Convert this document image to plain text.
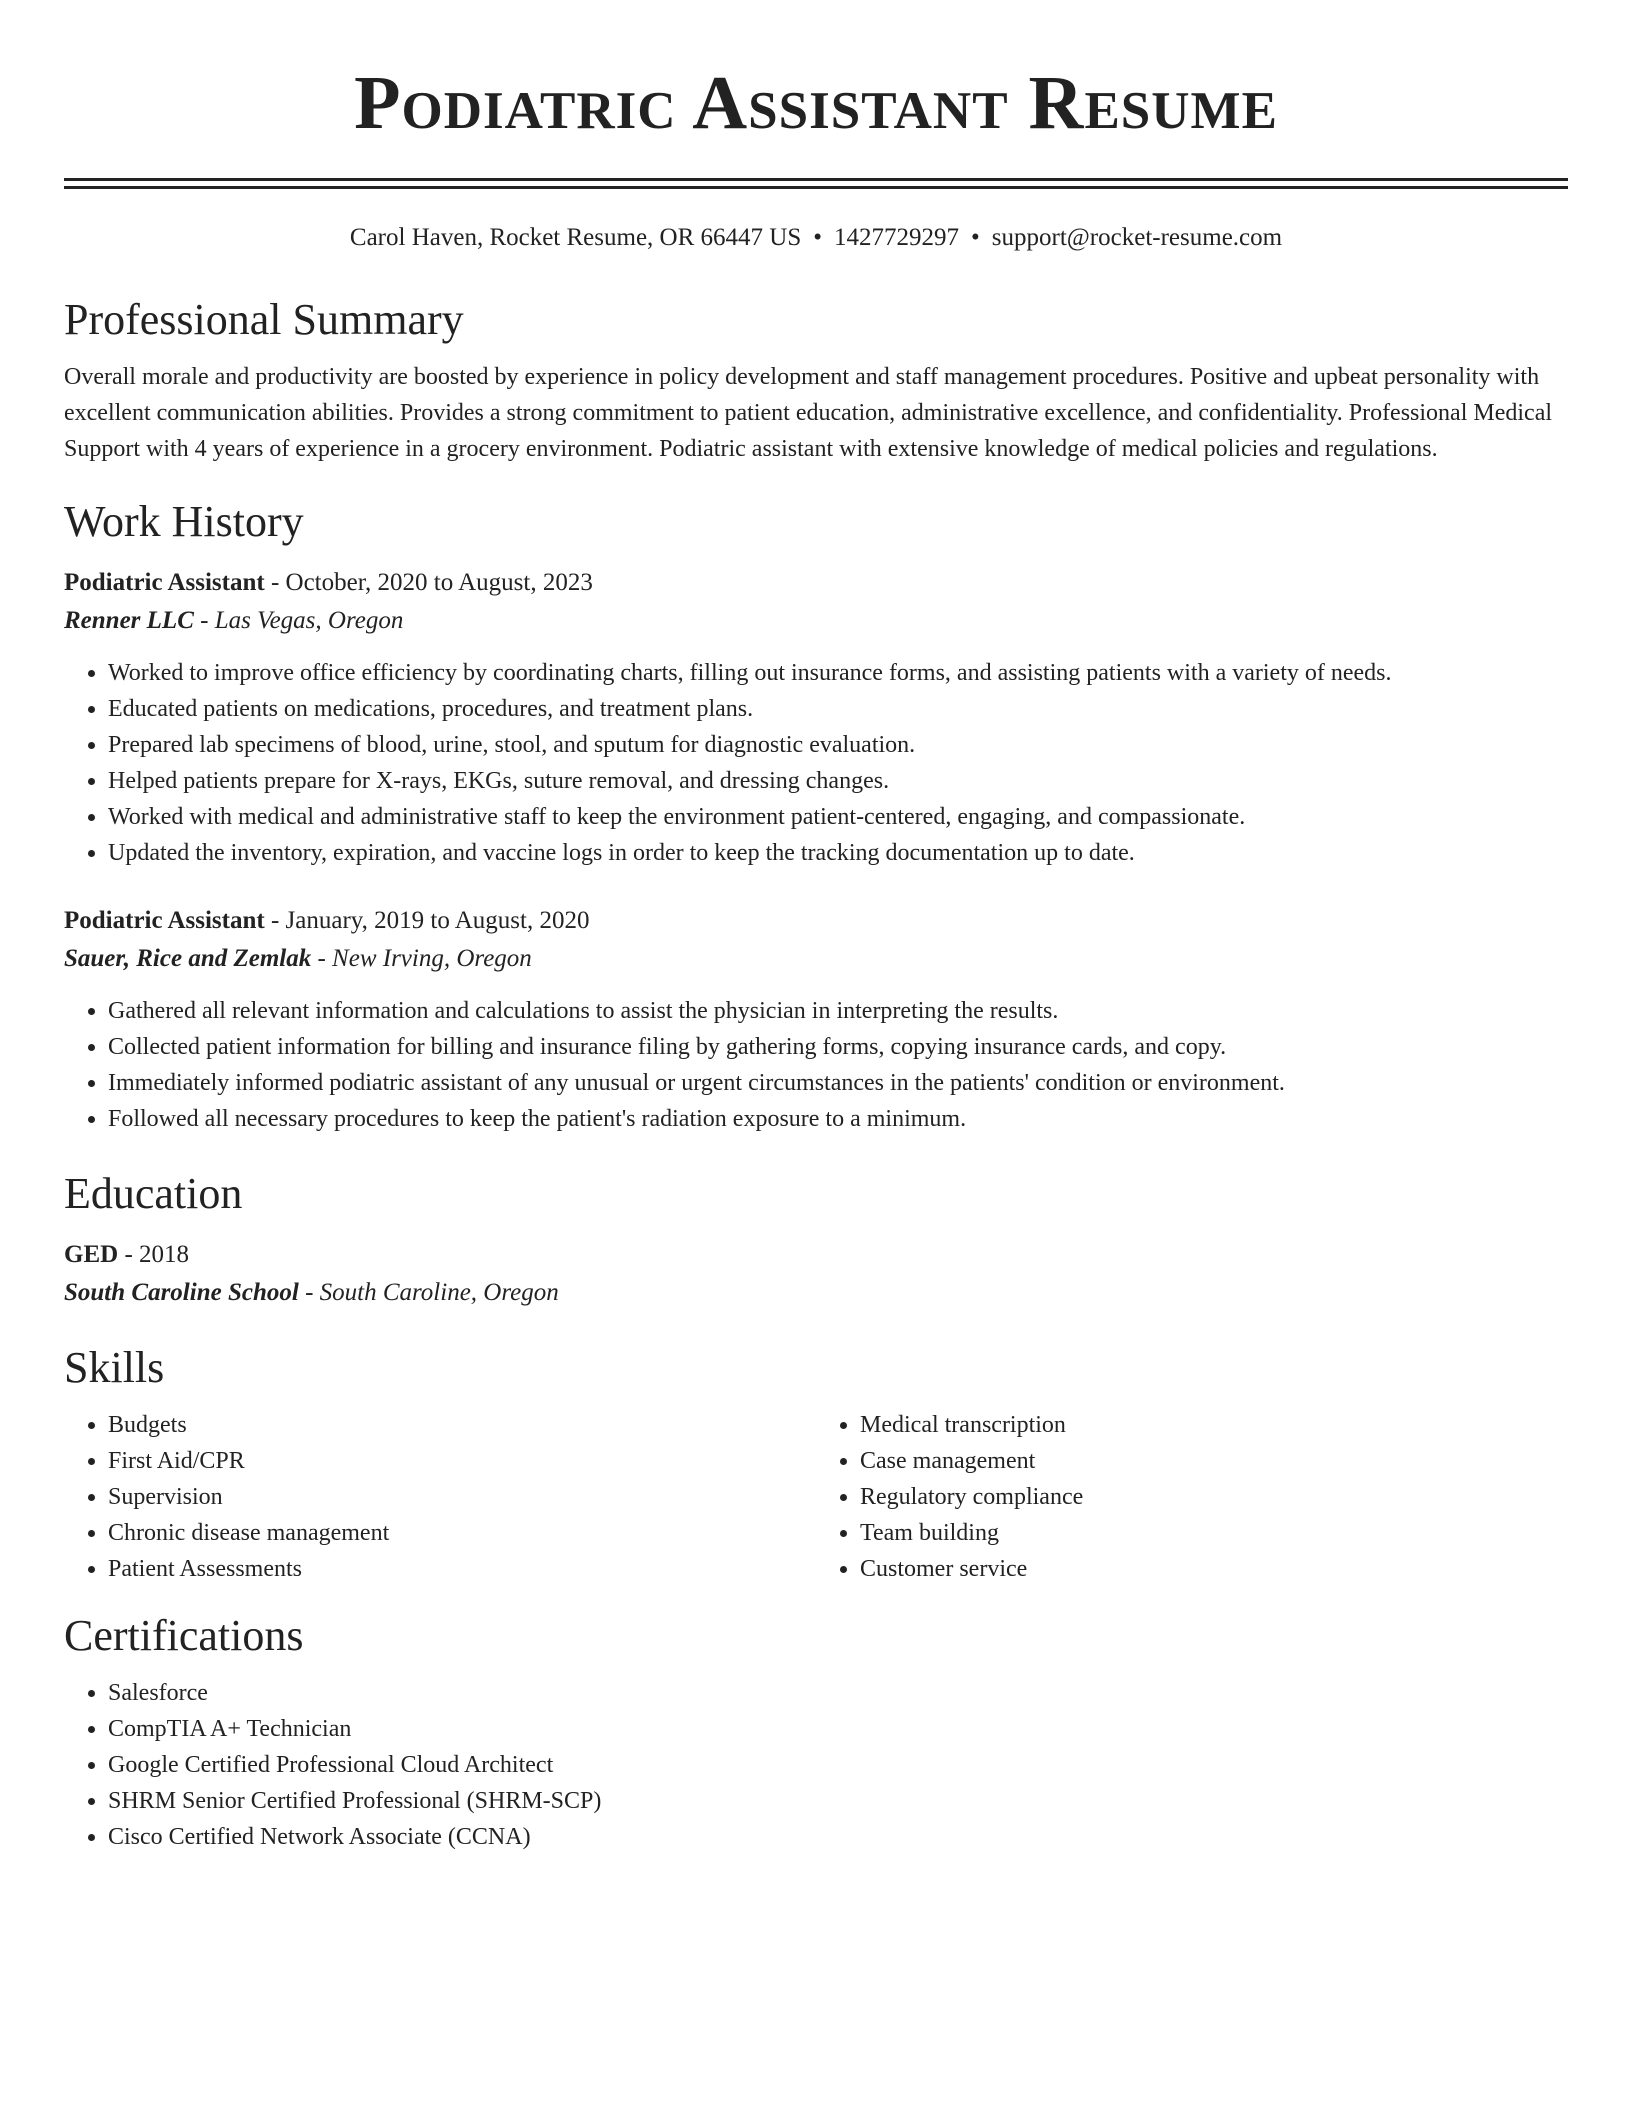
Podiatric Assistant Resume
Carol Haven, Rocket Resume, OR 66447 US • 1427729297 • support@rocket-resume.com
Professional Summary

Overall morale and productivity are boosted by experience in policy development and staff management procedures. Positive and upbeat personality with excellent communication abilities. Provides a strong commitment to patient education, administrative excellence, and confidentiality. Professional Medical Support with 4 years of experience in a grocery environment. Podiatric assistant with extensive knowledge of medical policies and regulations.

Work History

Podiatric Assistant - October, 2020 to August, 2023

Renner LLC - Las Vegas, Oregon

• Worked to improve office efficiency by coordinating charts, filling out insurance forms, and assisting patients with a variety of needs.
• Educated patients on medications, procedures, and treatment plans.
• Prepared lab specimens of blood, urine, stool, and sputum for diagnostic evaluation.
• Helped patients prepare for X-rays, EKGs, suture removal, and dressing changes.
• Worked with medical and administrative staff to keep the environment patient-centered, engaging, and compassionate.
• Updated the inventory, expiration, and vaccine logs in order to keep the tracking documentation up to date.

Podiatric Assistant - January, 2019 to August, 2020

Sauer, Rice and Zemlak - New Irving, Oregon

• Gathered all relevant information and calculations to assist the physician in interpreting the results.
• Collected patient information for billing and insurance filing by gathering forms, copying insurance cards, and copy.
• Immediately informed podiatric assistant of any unusual or urgent circumstances in the patients' condition or environment.
• Followed all necessary procedures to keep the patient's radiation exposure to a minimum.
Education

GED - 2018

South Caroline School - South Caroline, Oregon

Skills
• Budgets
• First Aid/CPR
• Supervision
• Chronic disease management
• Patient Assessments
• Medical transcription
• Case management
• Regulatory compliance
• Team building
• Customer service
Certifications
• Salesforce
• CompTIA A+ Technician
• Google Certified Professional Cloud Architect
• SHRM Senior Certified Professional (SHRM-SCP)
• Cisco Certified Network Associate (CCNA)
